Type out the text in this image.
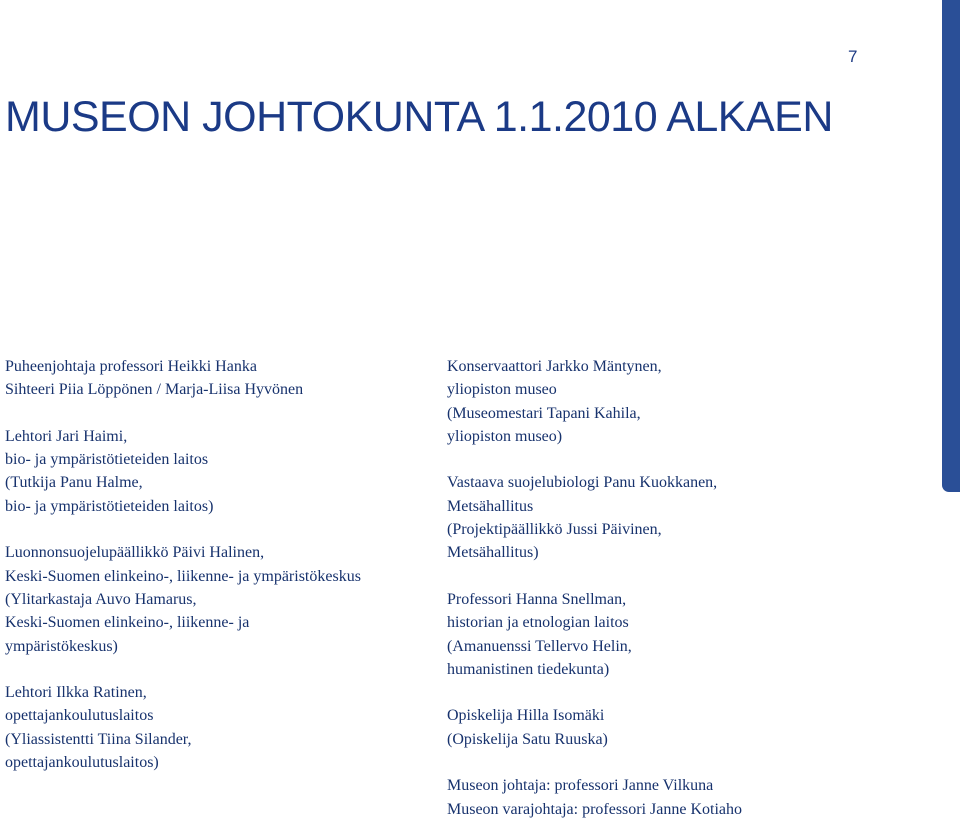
7
MUSEON JOHTOKUNTA 1.1.2010 ALKAEN
Puheenjohtaja professori Heikki Hanka
Sihteeri Piia Löppönen / Marja-Liisa Hyvönen
Lehtori Jari Haimi,
bio- ja ympäristötieteiden laitos
(Tutkija Panu Halme,
bio- ja ympäristötieteiden laitos)
Luonnonsuojelupäällikkö Päivi Halinen,
Keski-Suomen elinkeino-, liikenne- ja ympäristökeskus
(Ylitarkastaja Auvo Hamarus,
Keski-Suomen elinkeino-, liikenne- ja
ympäristökeskus)
Lehtori Ilkka Ratinen,
opettajankoulutuslaitos
(Yliassistentti Tiina Silander,
opettajankoulutuslaitos)
Konservaattori Jarkko Mäntynen,
yliopiston museo
(Museomestari Tapani Kahila,
yliopiston museo)
Vastaava suojelubiologi Panu Kuokkanen,
Metsähallitus
(Projektipäällikkö Jussi Päivinen,
Metsähallitus)
Professori Hanna Snellman,
historian ja etnologian laitos
(Amanuenssi Tellervo Helin,
humanistinen tiedekunta)
Opiskelija Hilla Isomäki
(Opiskelija Satu Ruuska)
Museon johtaja: professori Janne Vilkuna
Museon varajohtaja: professori Janne Kotiaho
